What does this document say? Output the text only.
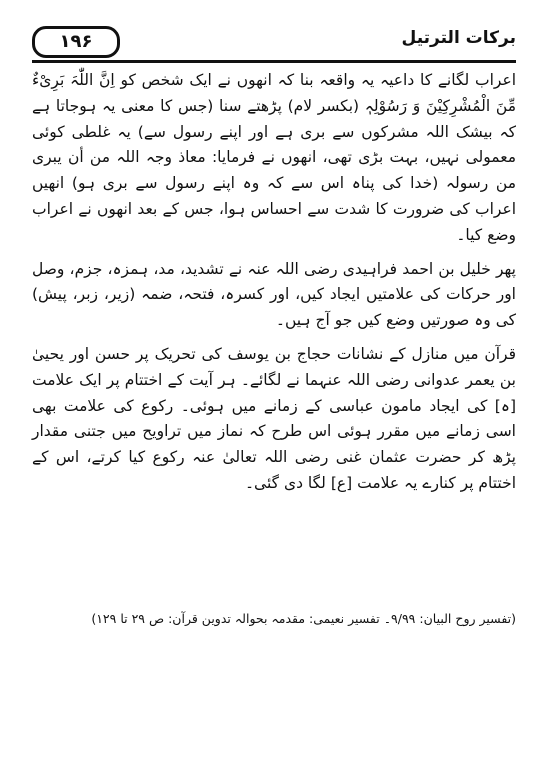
۱۹۶	برکات الترتیل

اعراب لگانے کا داعیہ یہ واقعہ بنا کہ انھوں نے ایک شخص کو اِنَّ اللّٰہَ بَرِیْءٌ مِّنَ الْمُشْرِکِیْنَ وَ رَسُوْلِہٖ (بکسر لام) پڑھتے سنا (جس کا معنی یہ ہوجاتا ہے کہ بیشک اللہ مشرکوں سے بری ہے اور اپنے رسول سے) یہ غلطی کوئی معمولی نہیں، بہت بڑی تھی، انھوں نے فرمایا: معاذ وجہ اللہ من أن یبری من رسولہ (خدا کی پناہ اس سے کہ وہ اپنے رسول سے بری ہو) انھیں اعراب کی ضرورت کا شدت سے احساس ہوا، جس کے بعد انھوں نے اعراب وضع کیا۔

پھر خلیل بن احمد فراہیدی رضی اللہ عنہ نے تشدید، مد، ہمزہ، جزم، وصل اور حرکات کی علامتیں ایجاد کیں، اور کسرہ، فتحہ، ضمہ (زیر، زبر، پیش) کی وہ صورتیں وضع کیں جو آج ہیں۔

قرآن میں منازل کے نشانات حجاج بن یوسف کی تحریک پر حسن اور یحییٰ بن یعمر عدوانی رضی اللہ عنہما نے لگائے۔ ہر آیت کے اختتام پر ایک علامت [ہ] کی ایجاد مامون عباسی کے زمانے میں ہوئی۔ رکوع کی علامت بھی اسی زمانے میں مقرر ہوئی اس طرح کہ نماز میں تراویح میں جتنی مقدار پڑھ کر حضرت عثمان غنی رضی اللہ تعالیٰ عنہ رکوع کیا کرتے، اس کے اختتام پر کنارے یہ علامت [ع] لگا دی گئی۔

(تفسیر روح البیان: ۹/۹۹۔ تفسیر نعیمی: مقدمہ بحوالہ تدوین قرآن: ص ۲۹ تا ۱۲۹)
